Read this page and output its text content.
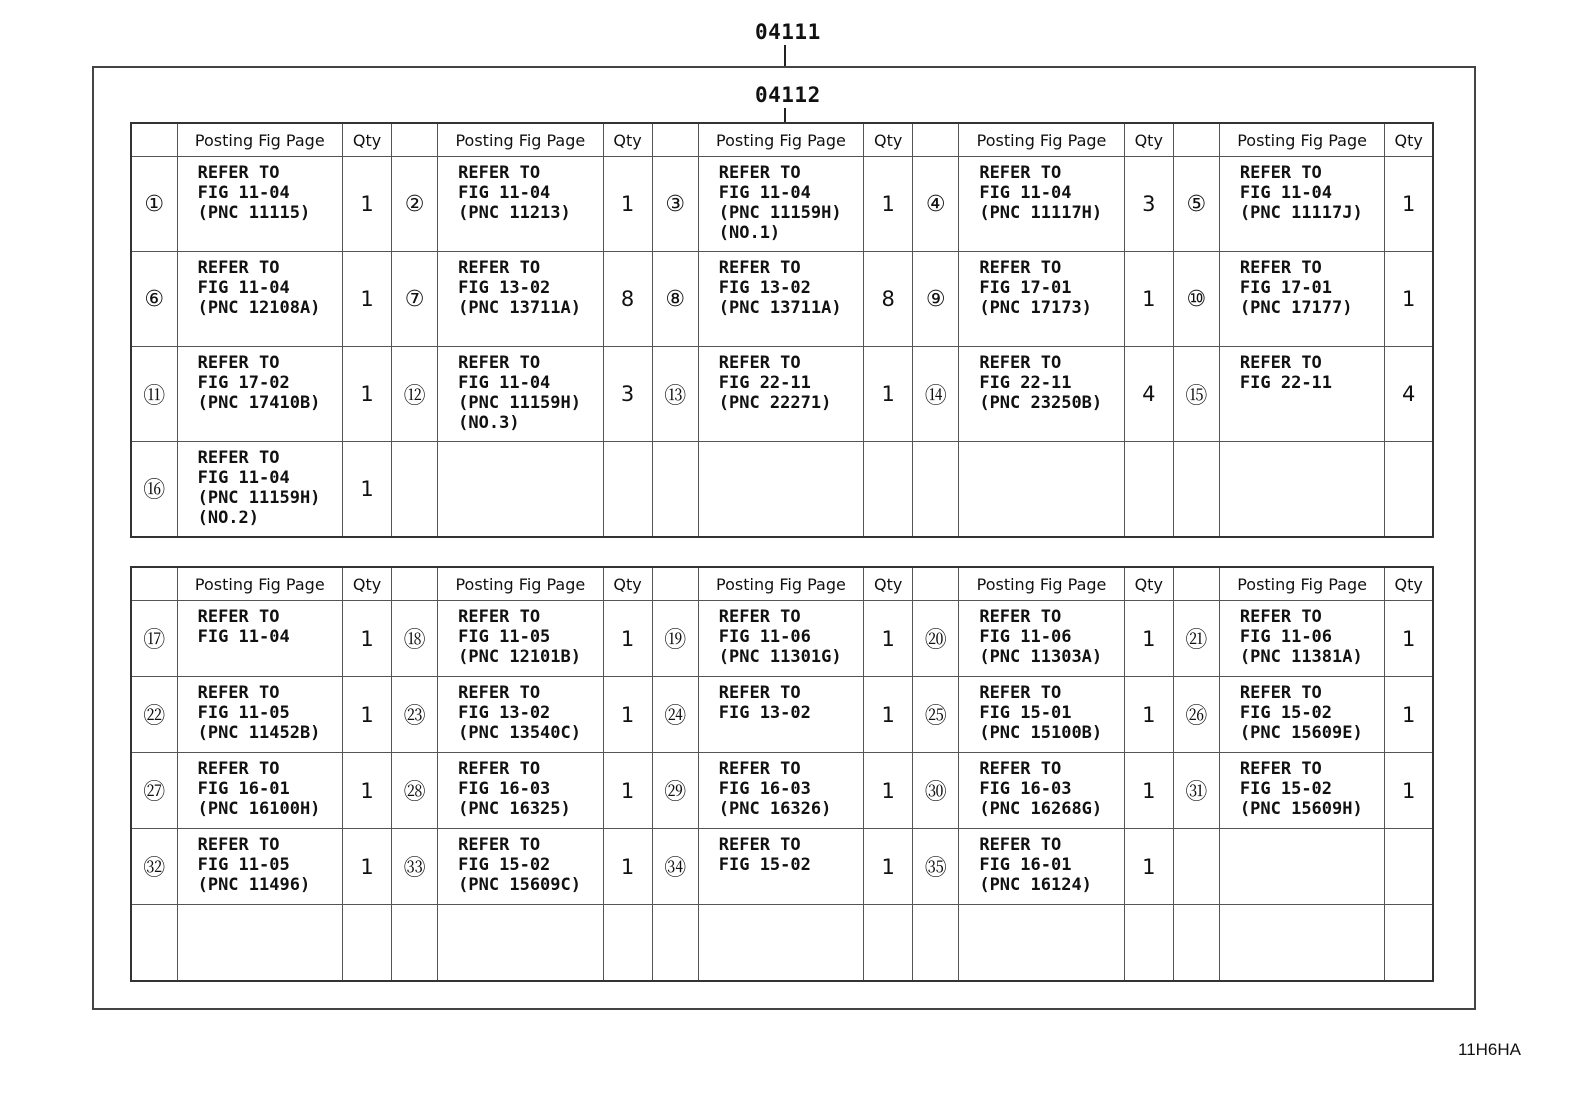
04111
04112
	Posting Fig Page	Qty		Posting Fig Page	Qty		Posting Fig Page	Qty		Posting Fig Page	Qty		Posting Fig Page	Qty
①	REFER TO
FIG 11-04
(PNC 11115)	1	②	REFER TO
FIG 11-04
(PNC 11213)	1	③	REFER TO
FIG 11-04
(PNC 11159H)
(NO.1)	1	④	REFER TO
FIG 11-04
(PNC 11117H)	3	⑤	REFER TO
FIG 11-04
(PNC 11117J)	1
⑥	REFER TO
FIG 11-04
(PNC 12108A)	1	⑦	REFER TO
FIG 13-02
(PNC 13711A)	8	⑧	REFER TO
FIG 13-02
(PNC 13711A)	8	⑨	REFER TO
FIG 17-01
(PNC 17173)	1	⑩	REFER TO
FIG 17-01
(PNC 17177)	1
⑪	REFER TO
FIG 17-02
(PNC 17410B)	1	⑫	REFER TO
FIG 11-04
(PNC 11159H)
(NO.3)	3	⑬	REFER TO
FIG 22-11
(PNC 22271)	1	⑭	REFER TO
FIG 22-11
(PNC 23250B)	4	⑮	REFER TO
FIG 22-11	4
⑯	REFER TO
FIG 11-04
(PNC 11159H)
(NO.2)	1												
	Posting Fig Page	Qty		Posting Fig Page	Qty		Posting Fig Page	Qty		Posting Fig Page	Qty		Posting Fig Page	Qty
⑰	REFER TO
FIG 11-04	1	⑱	REFER TO
FIG 11-05
(PNC 12101B)	1	⑲	REFER TO
FIG 11-06
(PNC 11301G)	1	⑳	REFER TO
FIG 11-06
(PNC 11303A)	1	㉑	REFER TO
FIG 11-06
(PNC 11381A)	1
㉒	REFER TO
FIG 11-05
(PNC 11452B)	1	㉓	REFER TO
FIG 13-02
(PNC 13540C)	1	㉔	REFER TO
FIG 13-02	1	㉕	REFER TO
FIG 15-01
(PNC 15100B)	1	㉖	REFER TO
FIG 15-02
(PNC 15609E)	1
㉗	REFER TO
FIG 16-01
(PNC 16100H)	1	㉘	REFER TO
FIG 16-03
(PNC 16325)	1	㉙	REFER TO
FIG 16-03
(PNC 16326)	1	㉚	REFER TO
FIG 16-03
(PNC 16268G)	1	㉛	REFER TO
FIG 15-02
(PNC 15609H)	1
㉜	REFER TO
FIG 11-05
(PNC 11496)	1	㉝	REFER TO
FIG 15-02
(PNC 15609C)	1	㉞	REFER TO
FIG 15-02	1	㉟	REFER TO
FIG 16-01
(PNC 16124)	1			

11H6HA
